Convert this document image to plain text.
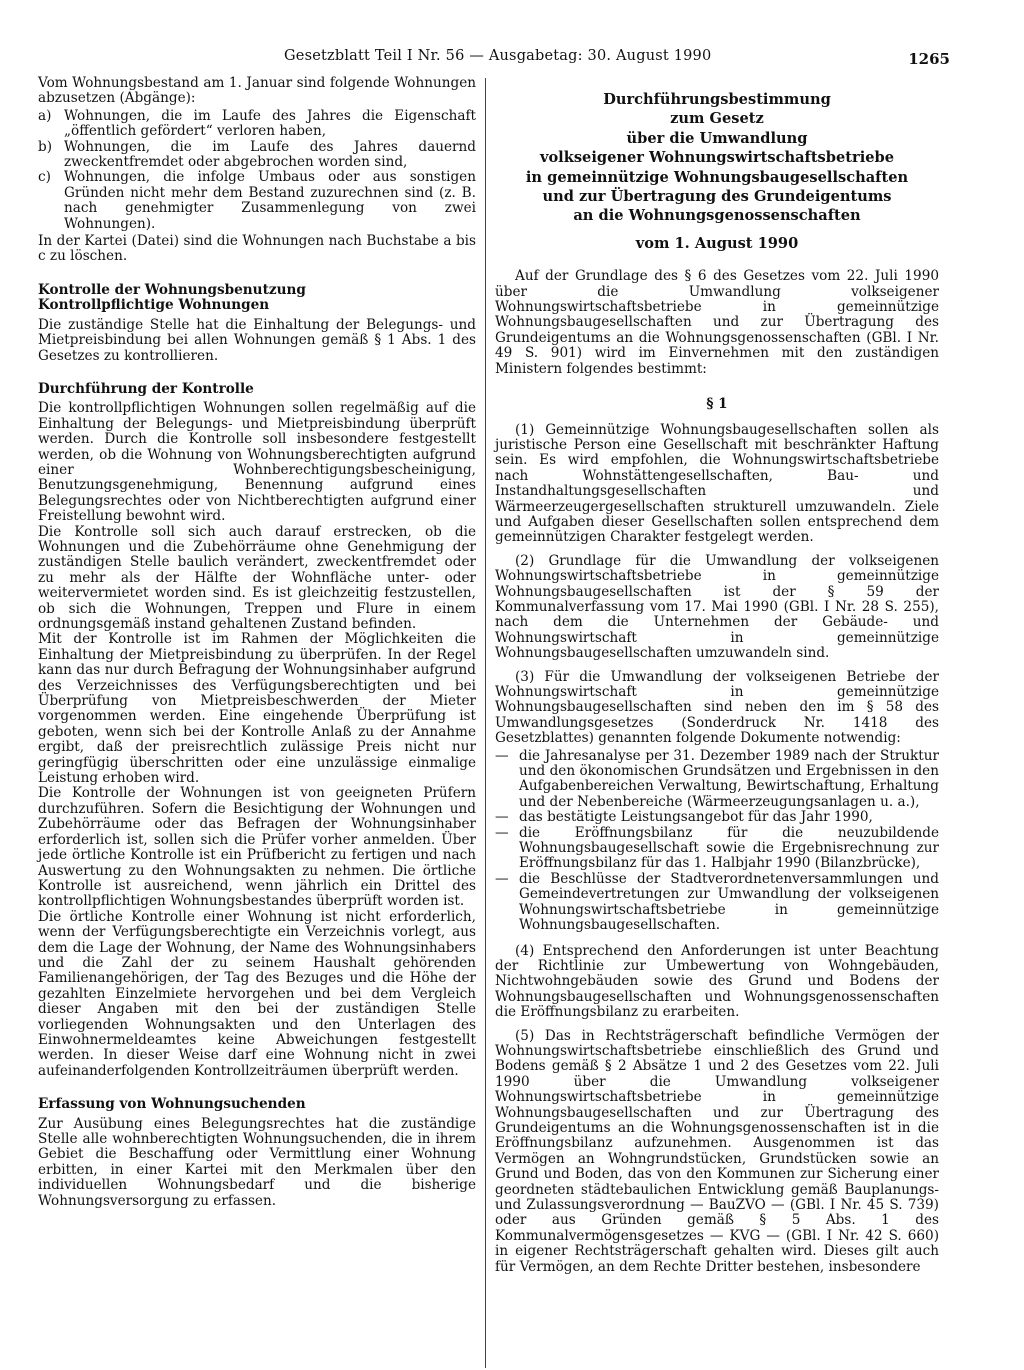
Gesetzblatt Teil I Nr. 56 — Ausgabetag: 30. August 1990	1265

Vom Wohnungsbestand am 1. Januar sind folgende Wohnungen abzusetzen (Abgänge):

a) Wohnungen, die im Laufe des Jahres die Eigenschaft „öffentlich gefördert“ verloren haben,
b) Wohnungen, die im Laufe des Jahres dauernd zweckentfremdet oder abgebrochen worden sind,
c) Wohnungen, die infolge Umbaus oder aus sonstigen Gründen nicht mehr dem Bestand zuzurechnen sind (z. B. nach genehmigter Zusammenlegung von zwei Wohnungen).

In der Kartei (Datei) sind die Wohnungen nach Buchstabe a bis c zu löschen.

Kontrolle der Wohnungsbenutzung
Kontrollpflichtige Wohnungen

Die zuständige Stelle hat die Einhaltung der Belegungs- und Mietpreisbindung bei allen Wohnungen gemäß § 1 Abs. 1 des Gesetzes zu kontrollieren.

Durchführung der Kontrolle

Die kontrollpflichtigen Wohnungen sollen regelmäßig auf die Einhaltung der Belegungs- und Mietpreisbindung überprüft werden. Durch die Kontrolle soll insbesondere festgestellt werden, ob die Wohnung von Wohnungsberechtigten aufgrund einer Wohnberechtigungsbescheinigung, Benutzungsgenehmigung, Benennung aufgrund eines Belegungsrechtes oder von Nichtberechtigten aufgrund einer Freistellung bewohnt wird.

Die Kontrolle soll sich auch darauf erstrecken, ob die Wohnungen und die Zubehörräume ohne Genehmigung der zuständigen Stelle baulich verändert, zweckentfremdet oder zu mehr als der Hälfte der Wohnfläche unter- oder weitervermietet worden sind. Es ist gleichzeitig festzustellen, ob sich die Wohnungen, Treppen und Flure in einem ordnungsgemäß instand gehaltenen Zustand befinden.

Mit der Kontrolle ist im Rahmen der Möglichkeiten die Einhaltung der Mietpreisbindung zu überprüfen. In der Regel kann das nur durch Befragung der Wohnungsinhaber aufgrund des Verzeichnisses des Verfügungsberechtigten und bei Überprüfung von Mietpreisbeschwerden der Mieter vorgenommen werden. Eine eingehende Überprüfung ist geboten, wenn sich bei der Kontrolle Anlaß zu der Annahme ergibt, daß der preisrechtlich zulässige Preis nicht nur geringfügig überschritten oder eine unzulässige einmalige Leistung erhoben wird.

Die Kontrolle der Wohnungen ist von geeigneten Prüfern durchzuführen. Sofern die Besichtigung der Wohnungen und Zubehörräume oder das Befragen der Wohnungsinhaber erforderlich ist, sollen sich die Prüfer vorher anmelden. Über jede örtliche Kontrolle ist ein Prüfbericht zu fertigen und nach Auswertung zu den Wohnungsakten zu nehmen. Die örtliche Kontrolle ist ausreichend, wenn jährlich ein Drittel des kontrollpflichtigen Wohnungsbestandes überprüft worden ist.

Die örtliche Kontrolle einer Wohnung ist nicht erforderlich, wenn der Verfügungsberechtigte ein Verzeichnis vorlegt, aus dem die Lage der Wohnung, der Name des Wohnungsinhabers und die Zahl der zu seinem Haushalt gehörenden Familienangehörigen, der Tag des Bezuges und die Höhe der gezahlten Einzelmiete hervorgehen und bei dem Vergleich dieser Angaben mit den bei der zuständigen Stelle vorliegenden Wohnungsakten und den Unterlagen des Einwohnermeldeamtes keine Abweichungen festgestellt werden. In dieser Weise darf eine Wohnung nicht in zwei aufeinanderfolgenden Kontrollzeiträumen überprüft werden.

Erfassung von Wohnungsuchenden

Zur Ausübung eines Belegungsrechtes hat die zuständige Stelle alle wohnberechtigten Wohnungsuchenden, die in ihrem Gebiet die Beschaffung oder Vermittlung einer Wohnung erbitten, in einer Kartei mit den Merkmalen über den individuellen Wohnungsbedarf und die bisherige Wohnungsversorgung zu erfassen.

Durchführungsbestimmung
zum Gesetz
über die Umwandlung
volkseigener Wohnungswirtschaftsbetriebe
in gemeinnützige Wohnungsbaugesellschaften
und zur Übertragung des Grundeigentums
an die Wohnungsgenossenschaften
vom 1. August 1990

Auf der Grundlage des § 6 des Gesetzes vom 22. Juli 1990 über die Umwandlung volkseigener Wohnungswirtschaftsbetriebe in gemeinnützige Wohnungsbaugesellschaften und zur Übertragung des Grundeigentums an die Wohnungsgenossenschaften (GBl. I Nr. 49 S. 901) wird im Einvernehmen mit den zuständigen Ministern folgendes bestimmt:

§ 1

(1) Gemeinnützige Wohnungsbaugesellschaften sollen als juristische Person eine Gesellschaft mit beschränkter Haftung sein. Es wird empfohlen, die Wohnungswirtschaftsbetriebe nach Wohnstättengesellschaften, Bau- und Instandhaltungsgesellschaften und Wärmeerzeugergesellschaften strukturell umzuwandeln. Ziele und Aufgaben dieser Gesellschaften sollen entsprechend dem gemeinnützigen Charakter festgelegt werden.

(2) Grundlage für die Umwandlung der volkseigenen Wohnungswirtschaftsbetriebe in gemeinnützige Wohnungsbaugesellschaften ist der § 59 der Kommunalverfassung vom 17. Mai 1990 (GBl. I Nr. 28 S. 255), nach dem die Unternehmen der Gebäude- und Wohnungswirtschaft in gemeinnützige Wohnungsbaugesellschaften umzuwandeln sind.

(3) Für die Umwandlung der volkseigenen Betriebe der Wohnungswirtschaft in gemeinnützige Wohnungsbaugesellschaften sind neben den im § 58 des Umwandlungsgesetzes (Sonderdruck Nr. 1418 des Gesetzblattes) genannten folgende Dokumente notwendig:

— die Jahresanalyse per 31. Dezember 1989 nach der Struktur und den ökonomischen Grundsätzen und Ergebnissen in den Aufgabenbereichen Verwaltung, Bewirtschaftung, Erhaltung und der Nebenbereiche (Wärmeerzeugungsanlagen u. a.),
— das bestätigte Leistungsangebot für das Jahr 1990,
— die Eröffnungsbilanz für die neuzubildende Wohnungsbaugesellschaft sowie die Ergebnisrechnung zur Eröffnungsbilanz für das 1. Halbjahr 1990 (Bilanzbrücke),
— die Beschlüsse der Stadtverordnetenversammlungen und Gemeindevertretungen zur Umwandlung der volkseigenen Wohnungswirtschaftsbetriebe in gemeinnützige Wohnungsbaugesellschaften.

(4) Entsprechend den Anforderungen ist unter Beachtung der Richtlinie zur Umbewertung von Wohngebäuden, Nichtwohngebäuden sowie des Grund und Bodens der Wohnungsbaugesellschaften und Wohnungsgenossenschaften die Eröffnungsbilanz zu erarbeiten.

(5) Das in Rechtsträgerschaft befindliche Vermögen der Wohnungswirtschaftsbetriebe einschließlich des Grund und Bodens gemäß § 2 Absätze 1 und 2 des Gesetzes vom 22. Juli 1990 über die Umwandlung volkseigener Wohnungswirtschaftsbetriebe in gemeinnützige Wohnungsbaugesellschaften und zur Übertragung des Grundeigentums an die Wohnungsgenossenschaften ist in die Eröffnungsbilanz aufzunehmen. Ausgenommen ist das Vermögen an Wohngrundstücken, Grundstücken sowie an Grund und Boden, das von den Kommunen zur Sicherung einer geordneten städtebaulichen Entwicklung gemäß Bauplanungs- und Zulassungsverordnung — BauZVO — (GBl. I Nr. 45 S. 739) oder aus Gründen gemäß § 5 Abs. 1 des Kommunalvermögensgesetzes — KVG — (GBl. I Nr. 42 S. 660) in eigener Rechtsträgerschaft gehalten wird. Dieses gilt auch für Vermögen, an dem Rechte Dritter bestehen, insbesondere
